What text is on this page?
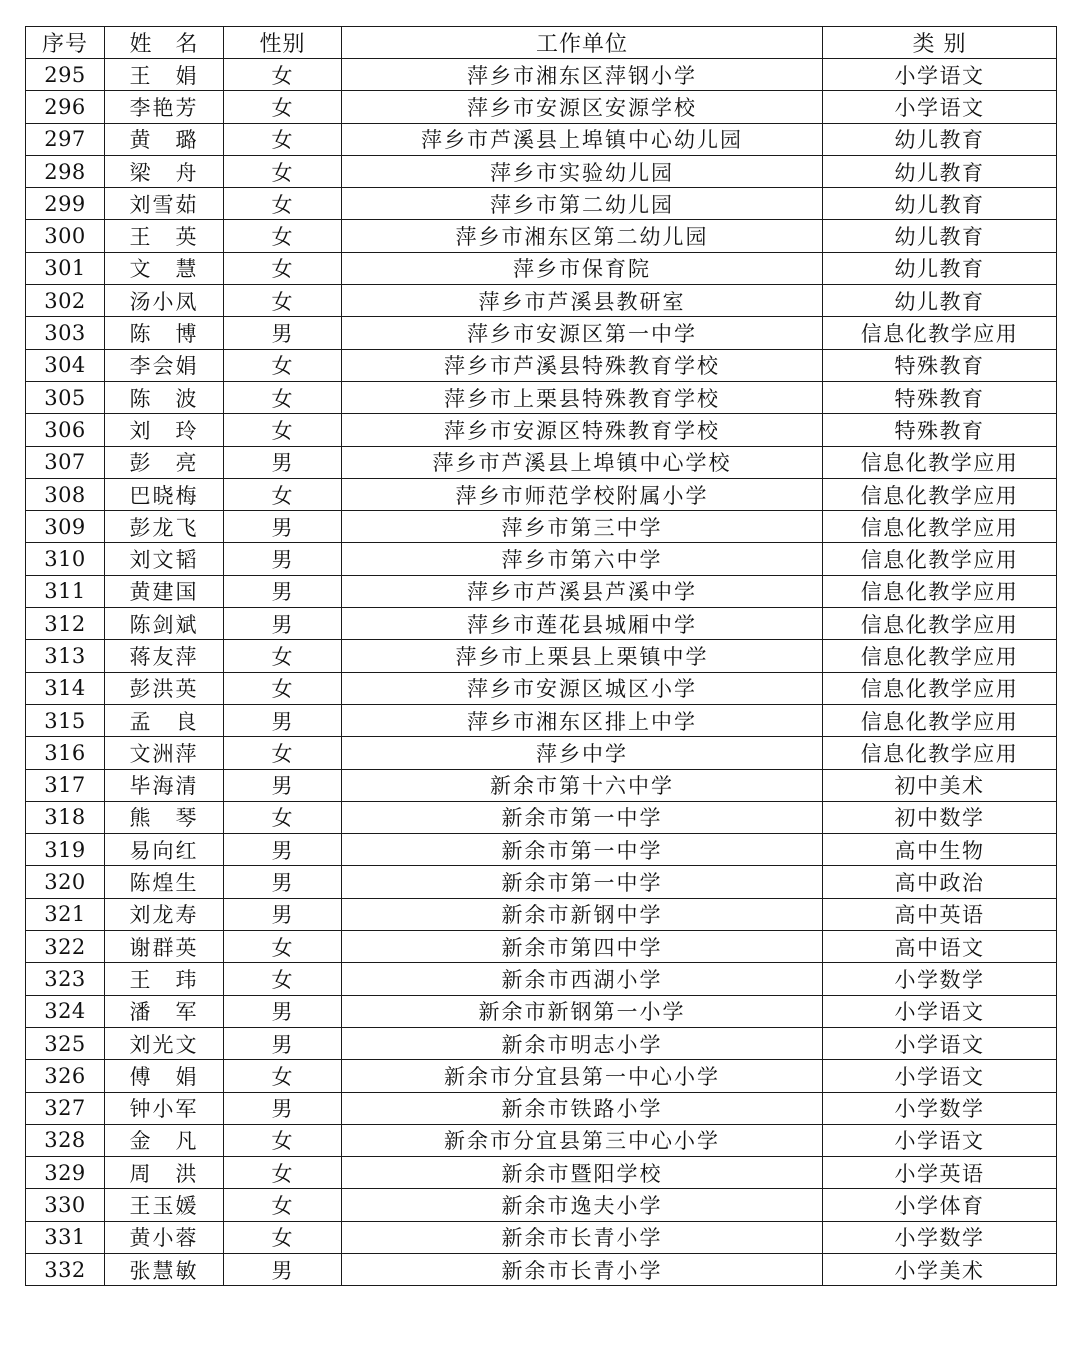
序号	姓　名	性别	工作单位	类 别
295	王　娟	女	萍乡市湘东区萍钢小学	小学语文
296	李艳芳	女	萍乡市安源区安源学校	小学语文
297	黄　璐	女	萍乡市芦溪县上埠镇中心幼儿园	幼儿教育
298	梁　舟	女	萍乡市实验幼儿园	幼儿教育
299	刘雪茹	女	萍乡市第二幼儿园	幼儿教育
300	王　英	女	萍乡市湘东区第二幼儿园	幼儿教育
301	文　慧	女	萍乡市保育院	幼儿教育
302	汤小凤	女	萍乡市芦溪县教研室	幼儿教育
303	陈　博	男	萍乡市安源区第一中学	信息化教学应用
304	李会娟	女	萍乡市芦溪县特殊教育学校	特殊教育
305	陈　波	女	萍乡市上栗县特殊教育学校	特殊教育
306	刘　玲	女	萍乡市安源区特殊教育学校	特殊教育
307	彭　亮	男	萍乡市芦溪县上埠镇中心学校	信息化教学应用
308	巴晓梅	女	萍乡市师范学校附属小学	信息化教学应用
309	彭龙飞	男	萍乡市第三中学	信息化教学应用
310	刘文韬	男	萍乡市第六中学	信息化教学应用
311	黄建国	男	萍乡市芦溪县芦溪中学	信息化教学应用
312	陈剑斌	男	萍乡市莲花县城厢中学	信息化教学应用
313	蒋友萍	女	萍乡市上栗县上栗镇中学	信息化教学应用
314	彭洪英	女	萍乡市安源区城区小学	信息化教学应用
315	孟　良	男	萍乡市湘东区排上中学	信息化教学应用
316	文洲萍	女	萍乡中学	信息化教学应用
317	毕海清	男	新余市第十六中学	初中美术
318	熊　琴	女	新余市第一中学	初中数学
319	易向红	男	新余市第一中学	高中生物
320	陈煌生	男	新余市第一中学	高中政治
321	刘龙寿	男	新余市新钢中学	高中英语
322	谢群英	女	新余市第四中学	高中语文
323	王　玮	女	新余市西湖小学	小学数学
324	潘　军	男	新余市新钢第一小学	小学语文
325	刘光文	男	新余市明志小学	小学语文
326	傅　娟	女	新余市分宜县第一中心小学	小学语文
327	钟小军	男	新余市铁路小学	小学数学
328	金　凡	女	新余市分宜县第三中心小学	小学语文
329	周　洪	女	新余市暨阳学校	小学英语
330	王玉媛	女	新余市逸夫小学	小学体育
331	黄小蓉	女	新余市长青小学	小学数学
332	张慧敏	男	新余市长青小学	小学美术
